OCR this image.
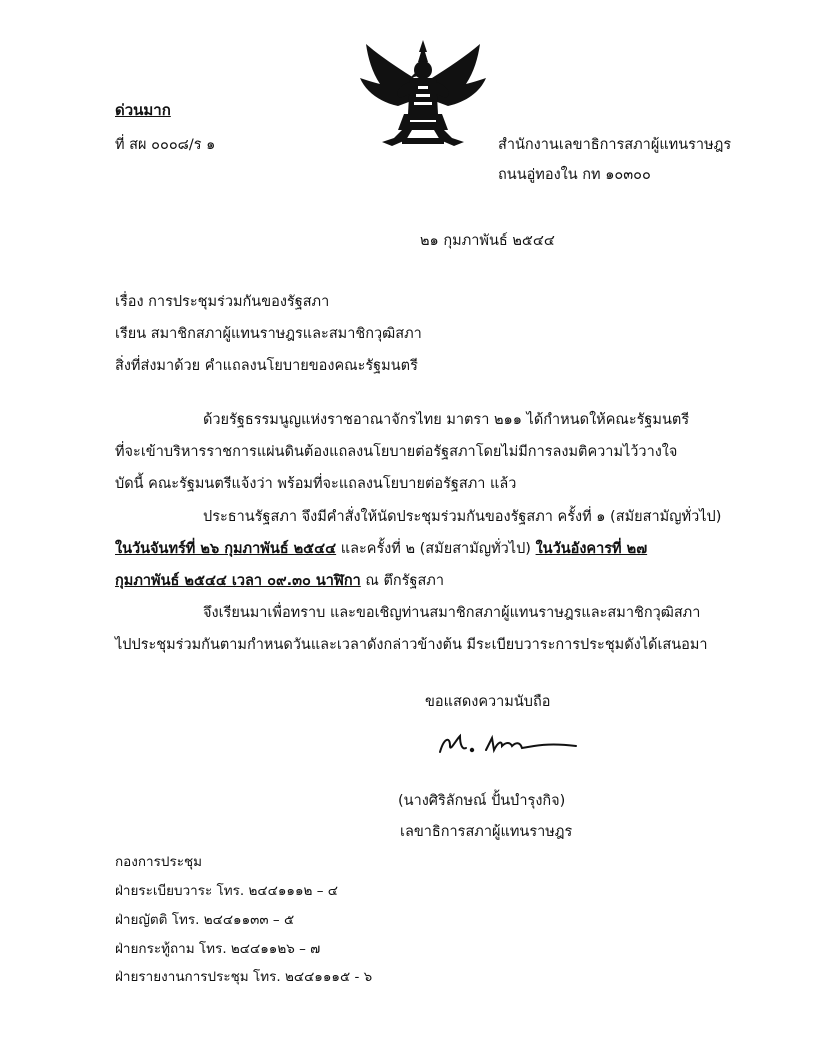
ด่วนมาก
ที่ สผ ๐๐๐๘/ร ๑	สำนักงานเลขาธิการสภาผู้แทนราษฎร
ถนนอู่ทองใน กท ๑๐๓๐๐
๒๑ กุมภาพันธ์ ๒๕๔๔
เรื่อง การประชุมร่วมกันของรัฐสภา
เรียน สมาชิกสภาผู้แทนราษฎรและสมาชิกวุฒิสภา
สิ่งที่ส่งมาด้วย คำแถลงนโยบายของคณะรัฐมนตรี
ด้วยรัฐธรรมนูญแห่งราชอาณาจักรไทย มาตรา ๒๑๑ ได้กำหนดให้คณะรัฐมนตรี
ที่จะเข้าบริหารราชการแผ่นดินต้องแถลงนโยบายต่อรัฐสภาโดยไม่มีการลงมติความไว้วางใจ
บัดนี้ คณะรัฐมนตรีแจ้งว่า พร้อมที่จะแถลงนโยบายต่อรัฐสภา แล้ว
ประธานรัฐสภา จึงมีคำสั่งให้นัดประชุมร่วมกันของรัฐสภา ครั้งที่ ๑ (สมัยสามัญทั่วไป)
ในวันจันทร์ที่ ๒๖ กุมภาพันธ์ ๒๕๔๔ และครั้งที่ ๒ (สมัยสามัญทั่วไป) ในวันอังคารที่ ๒๗
กุมภาพันธ์ ๒๕๔๔ เวลา ๐๙.๓๐ นาฬิกา ณ ตึกรัฐสภา
จึงเรียนมาเพื่อทราบ และขอเชิญท่านสมาชิกสภาผู้แทนราษฎรและสมาชิกวุฒิสภา
ไปประชุมร่วมกันตามกำหนดวันและเวลาดังกล่าวข้างต้น มีระเบียบวาระการประชุมดังได้เสนอมา
ขอแสดงความนับถือ
(นางศิริลักษณ์ ปั้นบำรุงกิจ)
เลขาธิการสภาผู้แทนราษฎร
กองการประชุม
ฝ่ายระเบียบวาระ โทร. ๒๔๔๑๑๑๒ – ๔
ฝ่ายญัตติ โทร. ๒๔๔๑๑๓๓ – ๕
ฝ่ายกระทู้ถาม โทร. ๒๔๔๑๑๒๖ – ๗
ฝ่ายรายงานการประชุม โทร. ๒๔๔๑๑๑๕ - ๖
